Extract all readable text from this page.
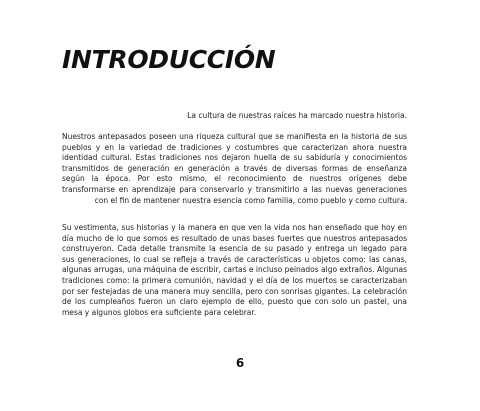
INTRODUCCIÓN

La cultura de nuestras raíces ha marcado nuestra historia.

Nuestros antepasados poseen una riqueza cultural que se manifiesta en la historia de sus pueblos y en la variedad de tradiciones y costumbres que caracterizan ahora nuestra identidad cultural. Estas tradiciones nos dejaron huella de su sabiduría y conocimientos transmitidos de generación en generación a través de diversas formas de enseñanza según la época. Por esto mismo, el reconocimiento de nuestros orígenes debe transformarse en aprendizaje para conservarlo y transmitirlo a las nuevas generaciones con el fin de mantener nuestra esencia como familia, como pueblo y como cultura.

Su vestimenta, sus historias y la manera en que ven la vida nos han enseñado que hoy en día mucho de lo que somos es resultado de unas bases fuertes que nuestros antepasados construyeron. Cada detalle transmite la esencia de su pasado y entrega un legado para sus generaciones, lo cual se refleja a través de características u objetos como: las canas, algunas arrugas, una máquina de escribir, cartas e incluso peinados algo extraños. Algunas tradiciones como: la primera comunión, navidad y el día de los muertos se caracterizaban por ser festejadas de una manera muy sencilla, pero con sonrisas gigantes. La celebración de los cumpleaños fueron un claro ejemplo de ello, puesto que con solo un pastel, una mesa y algunos globos era suficiente para celebrar.

6
